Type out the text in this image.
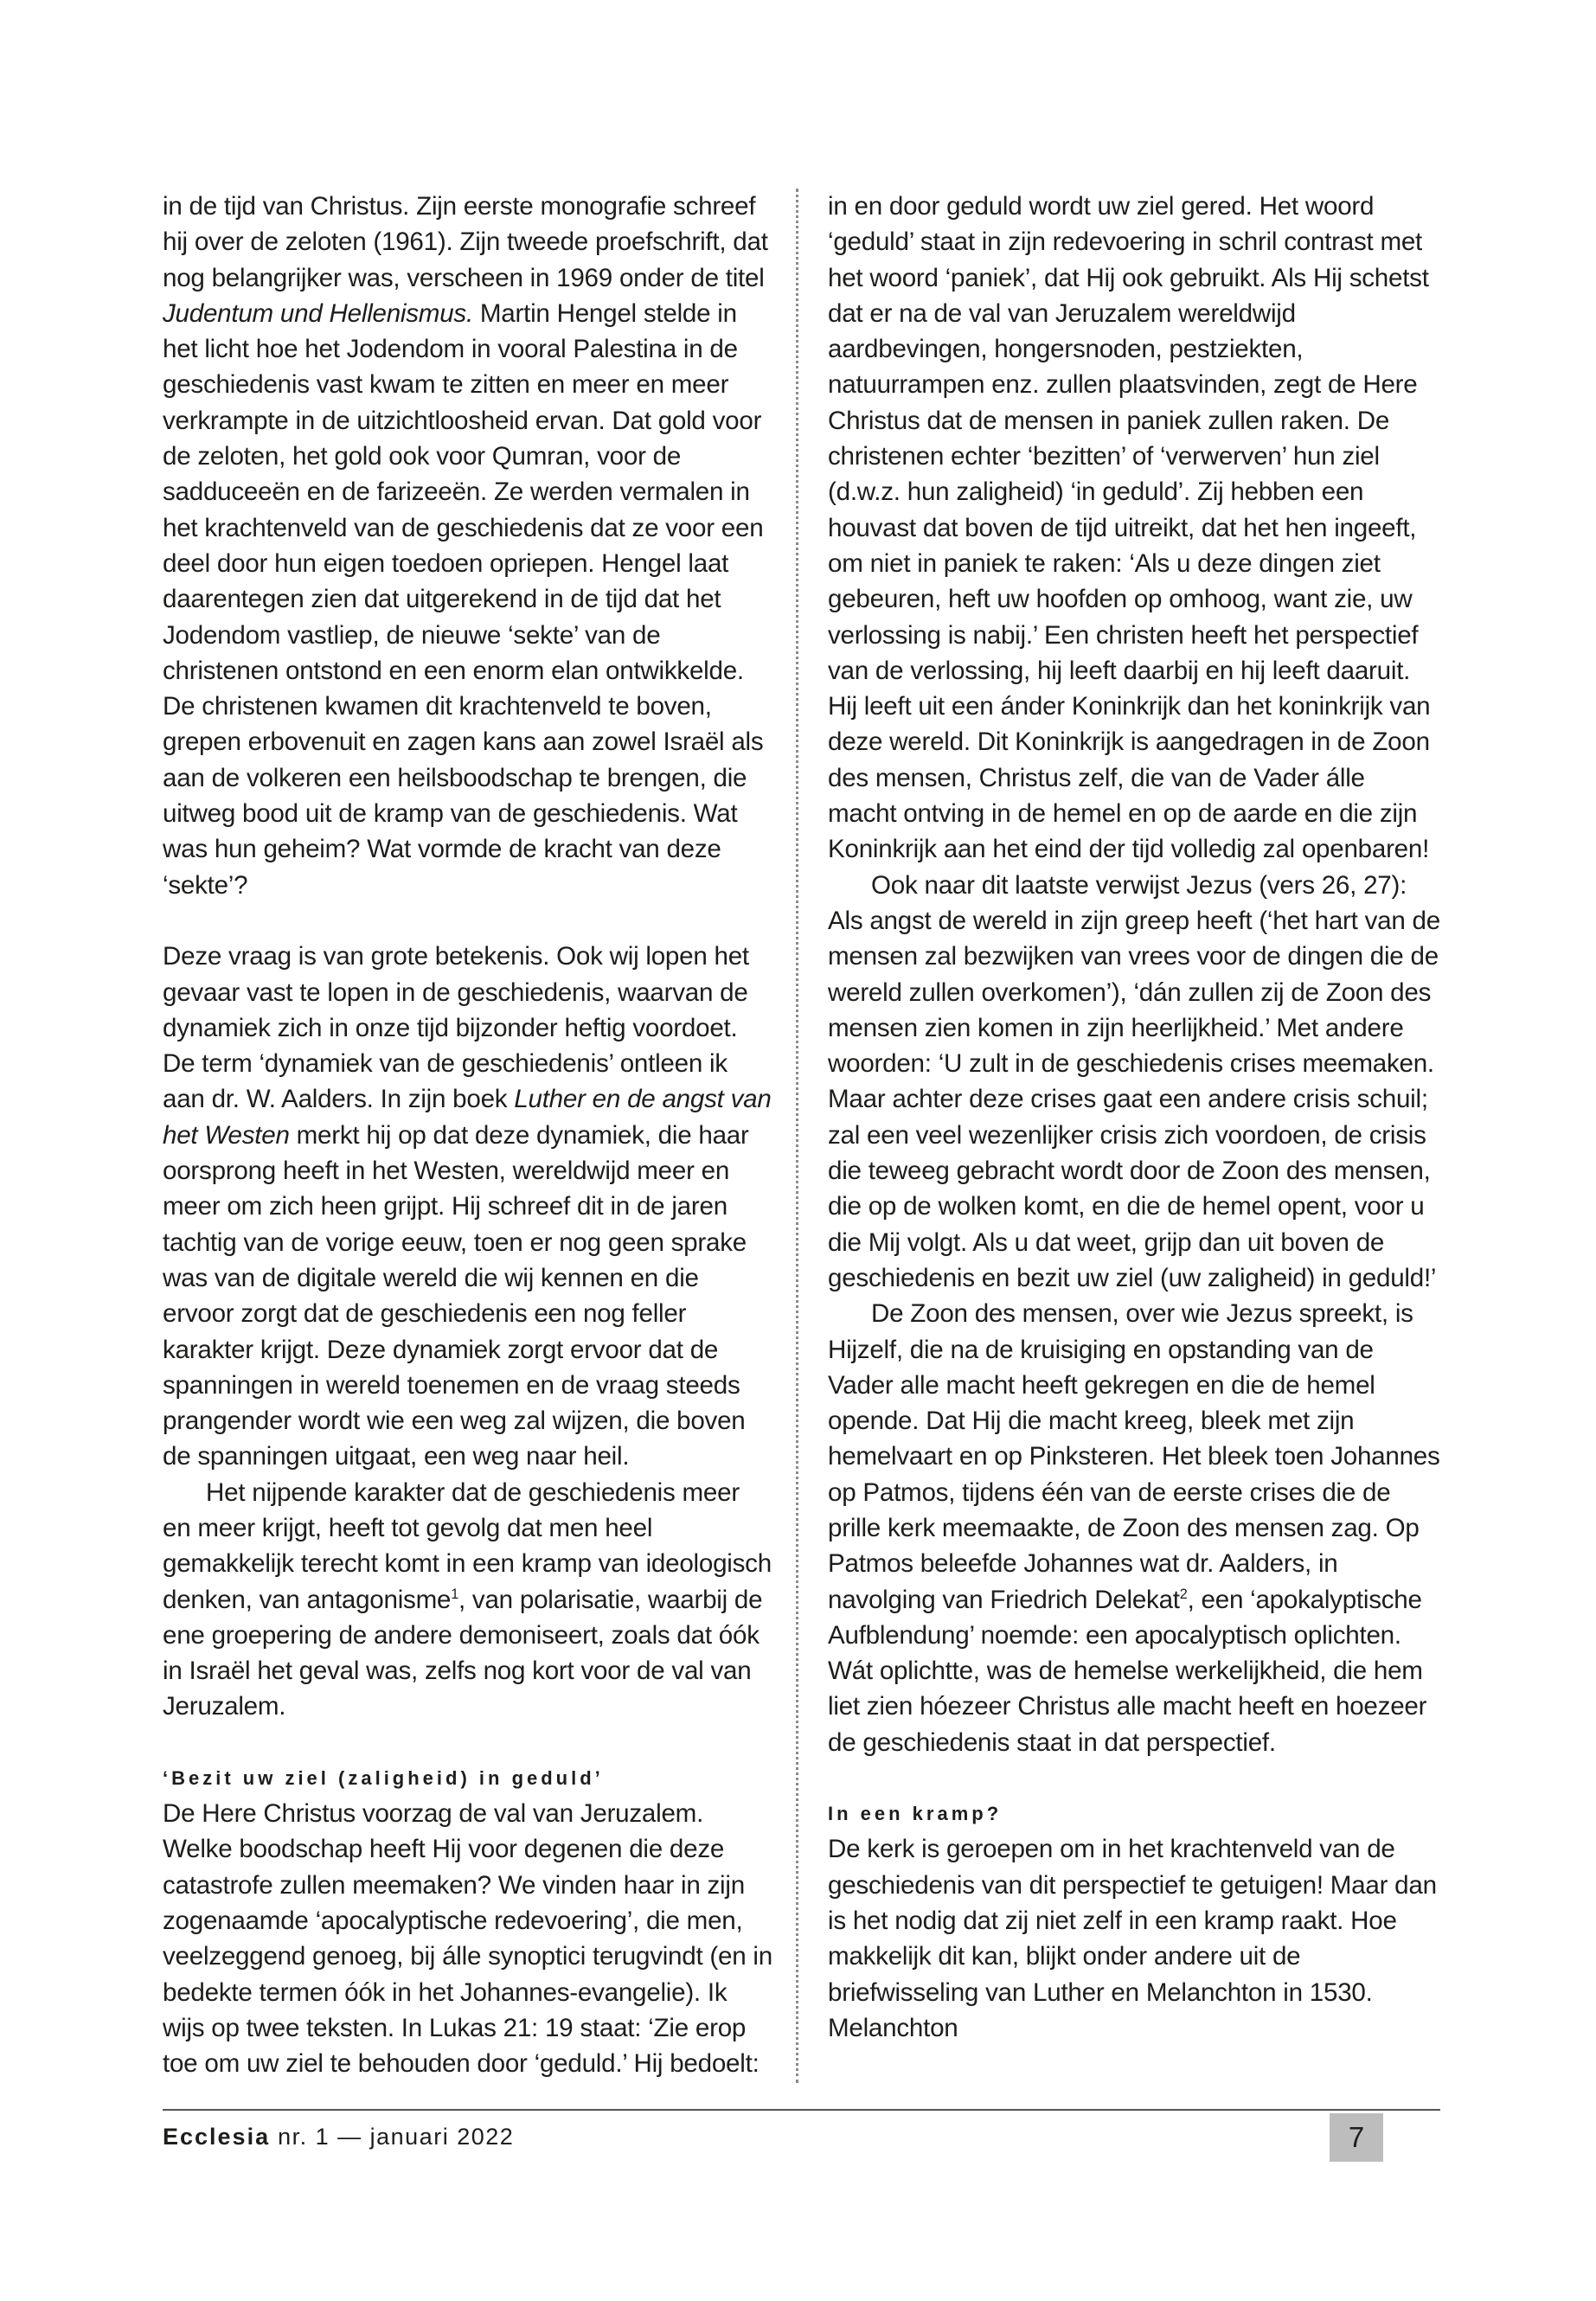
in de tijd van Christus. Zijn eerste monografie schreef hij over de zeloten (1961). Zijn tweede proefschrift, dat nog belangrijker was, verscheen in 1969 onder de titel Judentum und Hellenismus. Martin Hengel stelde in het licht hoe het Jodendom in vooral Palestina in de geschiedenis vast kwam te zitten en meer en meer verkrampte in de uitzichtloosheid ervan. Dat gold voor de zeloten, het gold ook voor Qumran, voor de sadduceeën en de farizeeën. Ze werden vermalen in het krachtenveld van de geschiedenis dat ze voor een deel door hun eigen toedoen opriepen. Hengel laat daarentegen zien dat uitgerekend in de tijd dat het Jodendom vastliep, de nieuwe ‘sekte’ van de christenen ontstond en een enorm elan ontwikkelde. De christenen kwamen dit krachtenveld te boven, grepen erbovenuit en zagen kans aan zowel Israël als aan de volkeren een heilsboodschap te brengen, die uitweg bood uit de kramp van de geschiedenis. Wat was hun geheim? Wat vormde de kracht van deze ‘sekte’?

Deze vraag is van grote betekenis. Ook wij lopen het gevaar vast te lopen in de geschiedenis, waarvan de dynamiek zich in onze tijd bijzonder heftig voordoet. De term ‘dynamiek van de geschiedenis’ ontleen ik aan dr. W. Aalders. In zijn boek Luther en de angst van het Westen merkt hij op dat deze dynamiek, die haar oorsprong heeft in het Westen, wereldwijd meer en meer om zich heen grijpt. Hij schreef dit in de jaren tachtig van de vorige eeuw, toen er nog geen sprake was van de digitale wereld die wij kennen en die ervoor zorgt dat de geschiedenis een nog feller karakter krijgt. Deze dynamiek zorgt ervoor dat de spanningen in wereld toenemen en de vraag steeds prangender wordt wie een weg zal wijzen, die boven de spanningen uitgaat, een weg naar heil.

Het nijpende karakter dat de geschiedenis meer en meer krijgt, heeft tot gevolg dat men heel gemakkelijk terecht komt in een kramp van ideologisch denken, van antagonisme$^1$, van polarisatie, waarbij de ene groepering de andere demoniseert, zoals dat óók in Israël het geval was, zelfs nog kort voor de val van Jeruzalem.

‘Bezit uw ziel (zaligheid) in geduld’

De Here Christus voorzag de val van Jeruzalem. Welke boodschap heeft Hij voor degenen die deze catastrofe zullen meemaken? We vinden haar in zijn zogenaamde ‘apocalyptische redevoering’, die men, veelzeggend genoeg, bij álle synoptici terugvindt (en in bedekte termen óók in het Johannes-evangelie). Ik wijs op twee teksten. In Lukas 21: 19 staat: ‘Zie erop toe om uw ziel te behouden door ‘geduld.’ Hij bedoelt:

in en door geduld wordt uw ziel gered. Het woord ‘geduld’ staat in zijn redevoering in schril contrast met het woord ‘paniek’, dat Hij ook gebruikt. Als Hij schetst dat er na de val van Jeruzalem wereldwijd aardbevingen, hongersnoden, pestziekten, natuurrampen enz. zullen plaatsvinden, zegt de Here Christus dat de mensen in paniek zullen raken. De christenen echter ‘bezitten’ of ‘verwerven’ hun ziel (d.w.z. hun zaligheid) ‘in geduld’. Zij hebben een houvast dat boven de tijd uitreikt, dat het hen ingeeft, om niet in paniek te raken: ‘Als u deze dingen ziet gebeuren, heft uw hoofden op omhoog, want zie, uw verlossing is nabij.’ Een christen heeft het perspectief van de verlossing, hij leeft daarbij en hij leeft daaruit. Hij leeft uit een ánder Koninkrijk dan het koninkrijk van deze wereld. Dit Koninkrijk is aangedragen in de Zoon des mensen, Christus zelf, die van de Vader álle macht ontving in de hemel en op de aarde en die zijn Koninkrijk aan het eind der tijd volledig zal openbaren!

Ook naar dit laatste verwijst Jezus (vers 26, 27): Als angst de wereld in zijn greep heeft (‘het hart van de mensen zal bezwijken van vrees voor de dingen die de wereld zullen overkomen’), ‘dán zullen zij de Zoon des mensen zien komen in zijn heerlijkheid.’ Met andere woorden: ‘U zult in de geschiedenis crises meemaken. Maar achter deze crises gaat een andere crisis schuil; zal een veel wezenlijker crisis zich voordoen, de crisis die teweeg gebracht wordt door de Zoon des mensen, die op de wolken komt, en die de hemel opent, voor u die Mij volgt. Als u dat weet, grijp dan uit boven de geschiedenis en bezit uw ziel (uw zaligheid) in geduld!’

De Zoon des mensen, over wie Jezus spreekt, is Hijzelf, die na de kruisiging en opstanding van de Vader alle macht heeft gekregen en die de hemel opende. Dat Hij die macht kreeg, bleek met zijn hemelvaart en op Pinksteren. Het bleek toen Johannes op Patmos, tijdens één van de eerste crises die de prille kerk meemaakte, de Zoon des mensen zag. Op Patmos beleefde Johannes wat dr. Aalders, in navolging van Friedrich Delekat$^2$, een ‘apokalyptische Aufblendung’ noemde: een apocalyptisch oplichten. Wát oplichtte, was de hemelse werkelijkheid, die hem liet zien hóezeer Christus alle macht heeft en hoezeer de geschiedenis staat in dat perspectief.

In een kramp?

De kerk is geroepen om in het krachtenveld van de geschiedenis van dit perspectief te getuigen! Maar dan is het nodig dat zij niet zelf in een kramp raakt. Hoe makkelijk dit kan, blijkt onder andere uit de briefwisseling van Luther en Melanchton in 1530. Melanchton

Ecclesia nr. 1 — januari 2022	7
